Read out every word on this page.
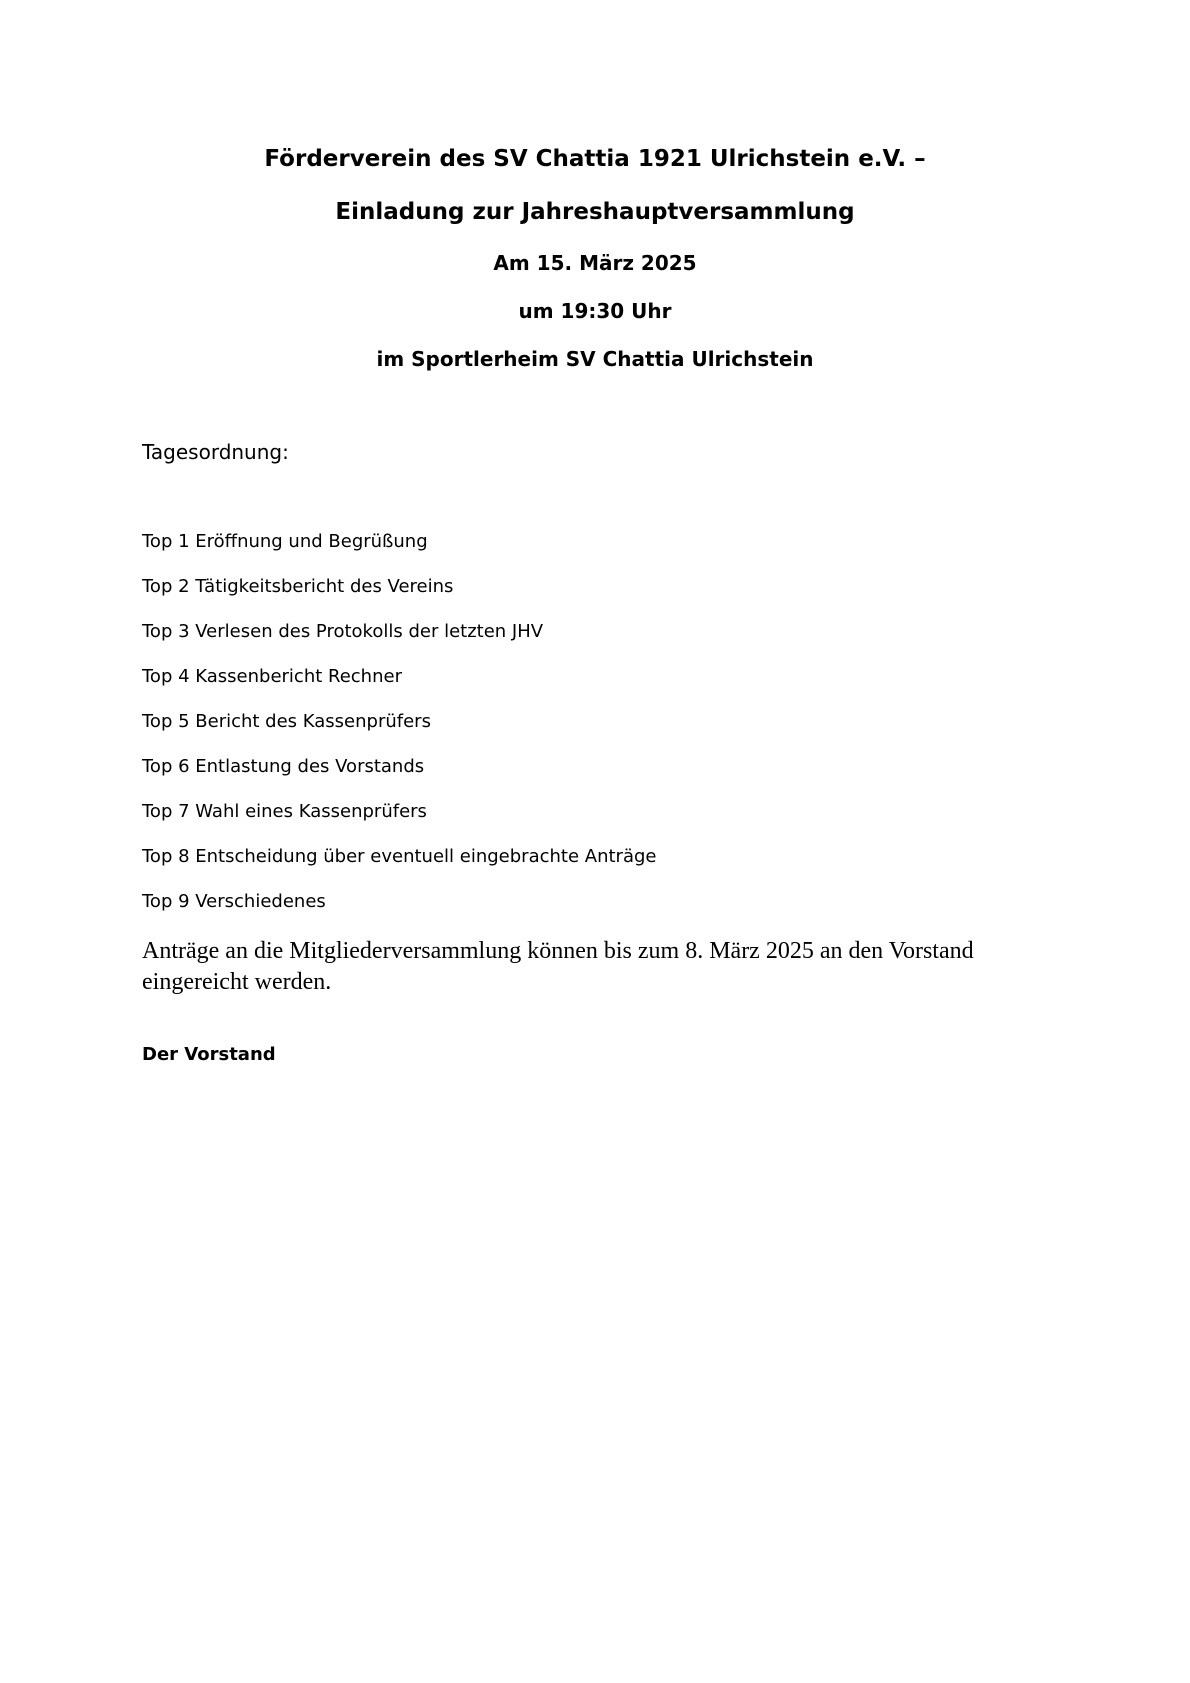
Förderverein des SV Chattia 1921 Ulrichstein e.V. –
Einladung zur Jahreshauptversammlung
Am 15. März 2025
um 19:30 Uhr
im Sportlerheim SV Chattia Ulrichstein
Tagesordnung:
Top 1 Eröffnung und Begrüßung
Top 2 Tätigkeitsbericht des Vereins
Top 3 Verlesen des Protokolls der letzten JHV
Top 4 Kassenbericht Rechner
Top 5 Bericht des Kassenprüfers
Top 6 Entlastung des Vorstands
Top 7 Wahl eines Kassenprüfers
Top 8 Entscheidung über eventuell eingebrachte Anträge
Top 9 Verschiedenes
Anträge an die Mitgliederversammlung können bis zum 8. März 2025 an den Vorstand eingereicht werden.
Der Vorstand
